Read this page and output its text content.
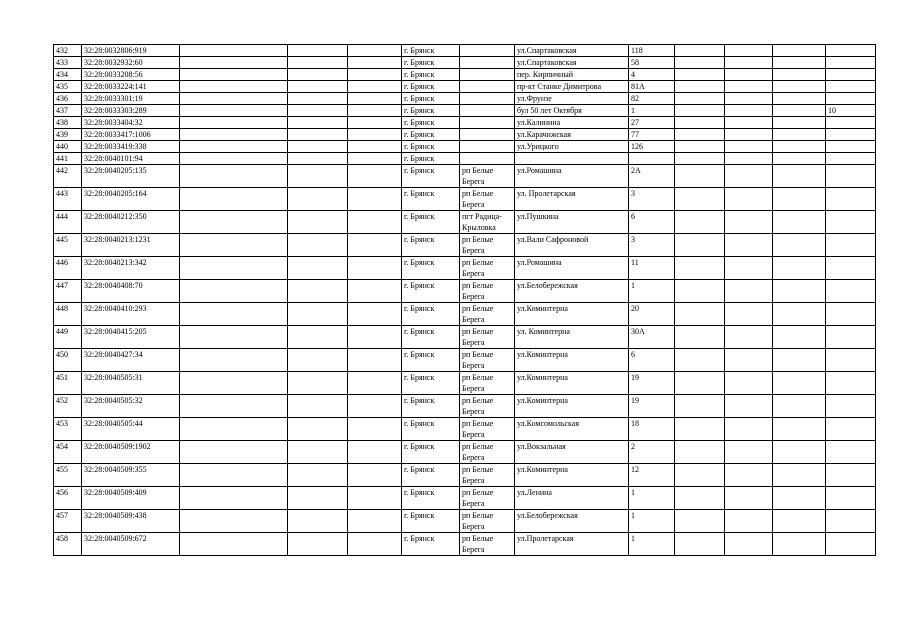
432	32:28:0032806:919				г. Брянск		ул.Спартаковская	118				

433	32:28:0032932:60				г. Брянск		ул.Спартаковская	58				

434	32:28:0033208:56				г. Брянск		пер. Кирпичный	4				

435	32:28:0033224:141				г. Брянск		пр-кт Станке Димитрова	81А				

436	32:28:0033301:19				г. Брянск		ул.Фрунзе	82				

437	32:28:0033303:289				г. Брянск		бул 50 лет Октября	1				10

438	32:28:0033404:32				г. Брянск		ул.Калинина	27				

439	32:28:0033417:1006				г. Брянск		ул.Карачижская	77				

440	32:28:0033419:338				г. Брянск		ул.Урицкого	126				

441	32:28:0040101:94				г. Брянск							

442	32:28:0040205:135				г. Брянск	рп Белые Берега	ул.Ромашина	2А				

443	32:28:0040205:164				г. Брянск	рп Белые Берега	ул. Пролетарская	3				

444	32:28:0040212:350				г. Брянск	пгт Радица-Крыловка	ул.Пушкина	6				

445	32:28:0040213:1231				г. Брянск	рп Белые Берега	ул.Вали Сафроновой	3				

446	32:28:0040213:342				г. Брянск	рп Белые Берега	ул.Ромашина	11				

447	32:28:0040408:70				г. Брянск	рп Белые Берега	ул.Белобережская	1				

448	32:28:0040410:293				г. Брянск	рп Белые Берега	ул.Коминтерна	20				

449	32:28:0040415:205				г. Брянск	рп Белые Берега	ул. Коминтерна	30А				

450	32:28:0040427:34				г. Брянск	рп Белые Берега	ул.Коминтерна	6				

451	32:28:0040505:31				г. Брянск	рп Белые Берега	ул.Коминтерна	19				

452	32:28:0040505:32				г. Брянск	рп Белые Берега	ул.Коминтерна	19				

453	32:28:0040505:44				г. Брянск	рп Белые Берега	ул.Комсомольская	18				

454	32:28:0040509:1902				г. Брянск	рп Белые Берега	ул.Вокзальная	2				

455	32:28:0040509:355				г. Брянск	рп Белые Берега	ул.Коминтерна	12				

456	32:28:0040509:409				г. Брянск	рп Белые Берега	ул.Ленина	1				

457	32:28:0040509:438				г. Брянск	рп Белые Берега	ул.Белобережская	1				

458	32:28:0040509:672				г. Брянск	рп Белые Берега	ул.Пролетарская	1				
